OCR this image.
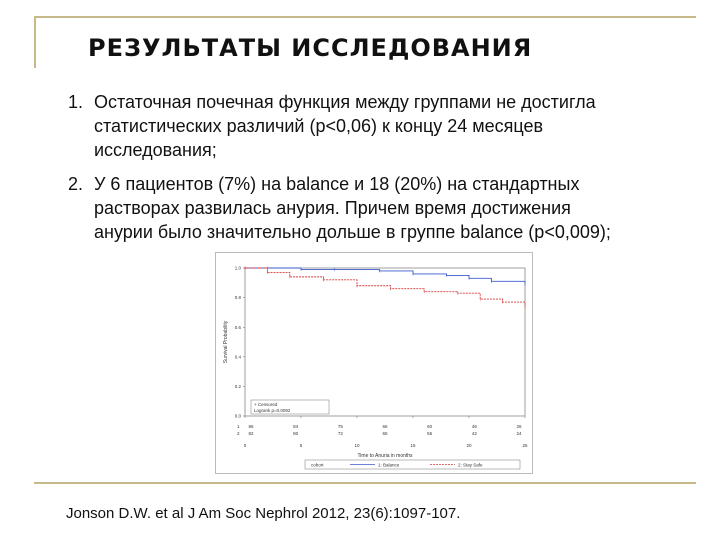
РЕЗУЛЬТАТЫ ИССЛЕДОВАНИЯ
1. Остаточная почечная функция между группами не достигла
статистических различий (p<0,06) к концу 24 месяцев
исследования;
2. У 6 пациентов (7%) на balance и 18 (20%) на стандартных
растворах развилась анурия. Причем время достижения
анурии было значительно дольше в группе balance (p<0,009);
Survival Probability
1.0
0.8
0.6
0.4
0.2
0.0
0	5	10	15	20	25
+ Censored
Logrank p=0.0092
1 86	84	75	66	60	46	26
2 82	80	72	65	55	42	24
Time to Anuria in months
cohort	1: Balance	2: Stay Safe
Jonson D.W. et al J Am Soc Nephrol 2012, 23(6):1097-107.
